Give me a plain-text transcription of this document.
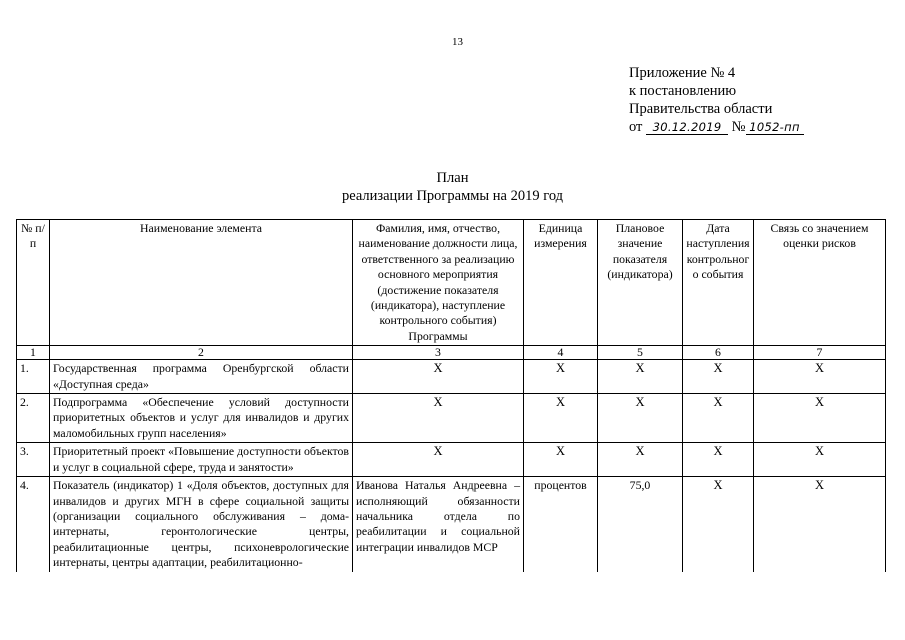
13
Приложение № 4
к постановлению
Правительства области
от 30.12.2019 № 1052-пп
План
реализации Программы на 2019 год
№ п/п	Наименование элемента	Фамилия, имя, отчество, наименование должности лица, ответственного за реализацию основного мероприятия (достижение показателя (индикатора), наступление контрольного события) Программы	Единица измерения	Плановое значение показателя (индикатора)	Дата наступления контрольного события	Связь со значением оценки рисков
1	2	3	4	5	6	7
1.	Государственная программа Оренбургской области «Доступная среда»	X	X	X	X	X
2.	Подпрограмма «Обеспечение условий доступности приоритетных объектов и услуг для инвалидов и других маломобильных групп населения»	X	X	X	X	X
3.	Приоритетный проект «Повышение доступности объектов и услуг в социальной сфере, труда и занятости»	X	X	X	X	X
4.	Показатель (индикатор) 1 «Доля объектов, доступных для инвалидов и других МГН в сфере социальной защиты (организации социального обслуживания – дома-интернаты, геронтологические центры, реабилитационные центры, психоневрологические интернаты, центры адаптации, реабилитационно-	Иванова Наталья Андреевна – исполняющий обязанности начальника отдела по реабилитации и социальной интеграции инвалидов МСР	процентов	75,0	X	X
